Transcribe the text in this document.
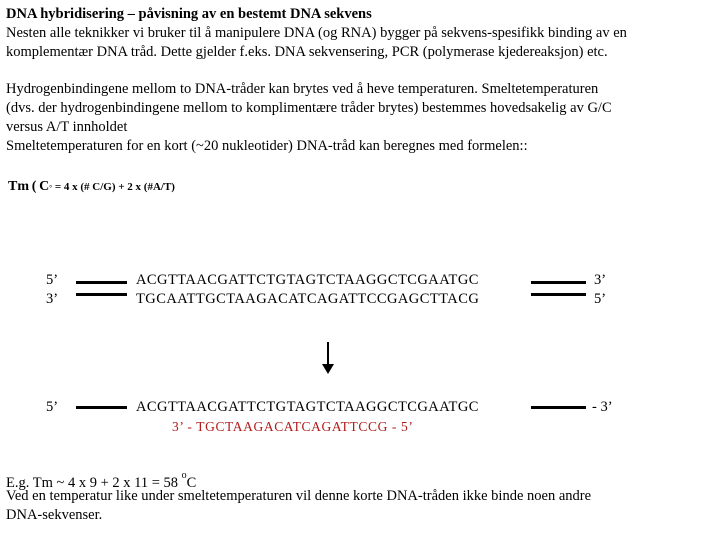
DNA hybridisering – påvisning av en bestemt DNA sekvens
Nesten alle teknikker vi bruker til å manipulere DNA (og RNA) bygger på sekvens-spesifikk binding av en
komplementær DNA tråd. Dette gjelder f.eks. DNA sekvensering, PCR (polymerase kjedereaksjon) etc.
Hydrogenbindingene mellom to DNA-tråder kan brytes ved å heve temperaturen. Smeltetemperaturen
(dvs. der hydrogenbindingene mellom to komplimentære tråder brytes) bestemmes hovedsakelig av G/C
versus A/T innholdet
Smeltetemperaturen for en kort (~20 nukleotider) DNA-tråd kan beregnes med formelen::
Tm ( C° = 4 x (# C/G) + 2 x (#A/T)
5’	ACGTTAACGATTCTGTAGTCTAAGGCTCGAATGC	3’
3’	TGCAATTGCTAAGACATCAGATTCCGAGCTTACG	5’
5’	ACGTTAACGATTCTGTAGTCTAAGGCTCGAATGC	- 3’
3’ - TGCTAAGACATCAGATTCCG - 5’
E.g. Tm ~ 4 x 9 + 2 x 11 = 58 $^o$C
Ved en temperatur like under smeltetemperaturen vil denne korte DNA-tråden ikke binde noen andre
DNA-sekvenser.
